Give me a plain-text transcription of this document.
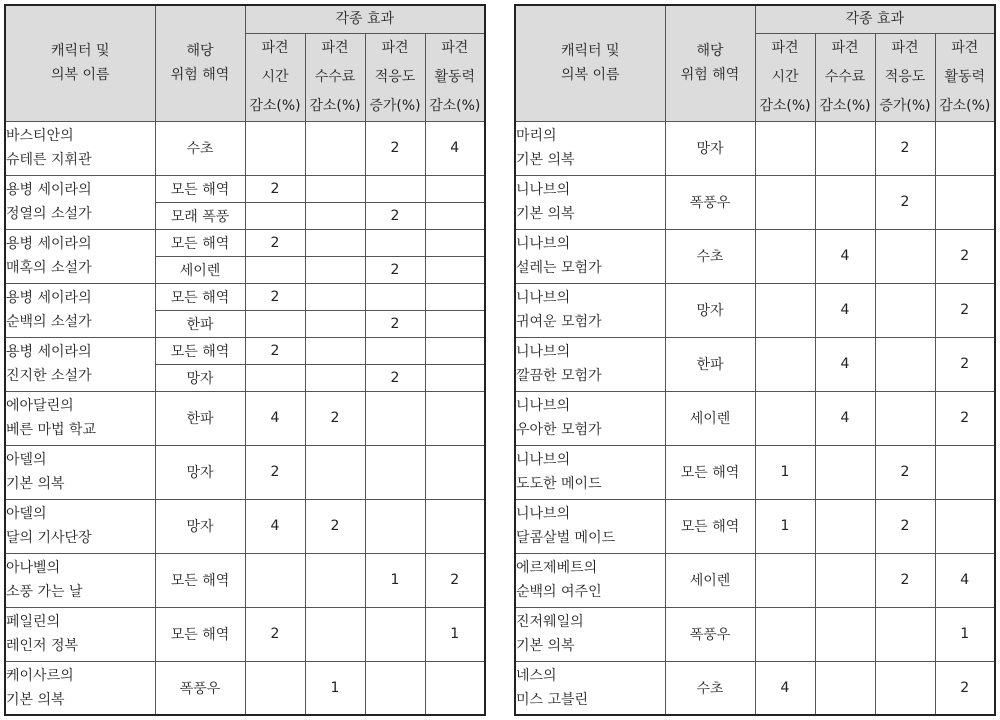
캐릭터 및
의복 이름	해당
위험 해역	각종 효과			

		파견
시간
감소(%)	파견
수수료
감소(%)	파견
적응도
증가(%)	파견
활동력
감소(%)

바스티안의
슈테른 지휘관	수초			2	4

용병 세이라의
정열의 소설가	모든 해역	2			
	모래 폭풍			2	

용병 세이라의
매혹의 소설가	모든 해역	2			
	세이렌			2	

용병 세이라의
순백의 소설가	모든 해역	2			
	한파			2	

용병 세이라의
진지한 소설가	모든 해역	2			
	망자			2	

에아달린의
베른 마법 학교	한파	4	2		

아델의
기본 의복	망자	2			

아델의
달의 기사단장	망자	4	2		

아나벨의
소풍 가는 날	모든 해역			1	2

페일린의
레인저 정복	모든 해역	2			1

케이사르의
기본 의복	폭풍우		1		
캐릭터 및
의복 이름	해당
위험 해역	각종 효과			

		파견
시간
감소(%)	파견
수수료
감소(%)	파견
적응도
증가(%)	파견
활동력
감소(%)

마리의
기본 의복	망자			2	

니나브의
기본 의복	폭풍우			2	

니나브의
설레는 모험가	수초		4		2

니나브의
귀여운 모험가	망자		4		2

니나브의
깔끔한 모험가	한파		4		2

니나브의
우아한 모험가	세이렌		4		2

니나브의
도도한 메이드	모든 해역	1		2	

니나브의
달콤살벌 메이드	모든 해역	1		2	

에르제베트의
순백의 여주인	세이렌			2	4

진저웨일의
기본 의복	폭풍우				1

네스의
미스 고블린	수초	4			2
